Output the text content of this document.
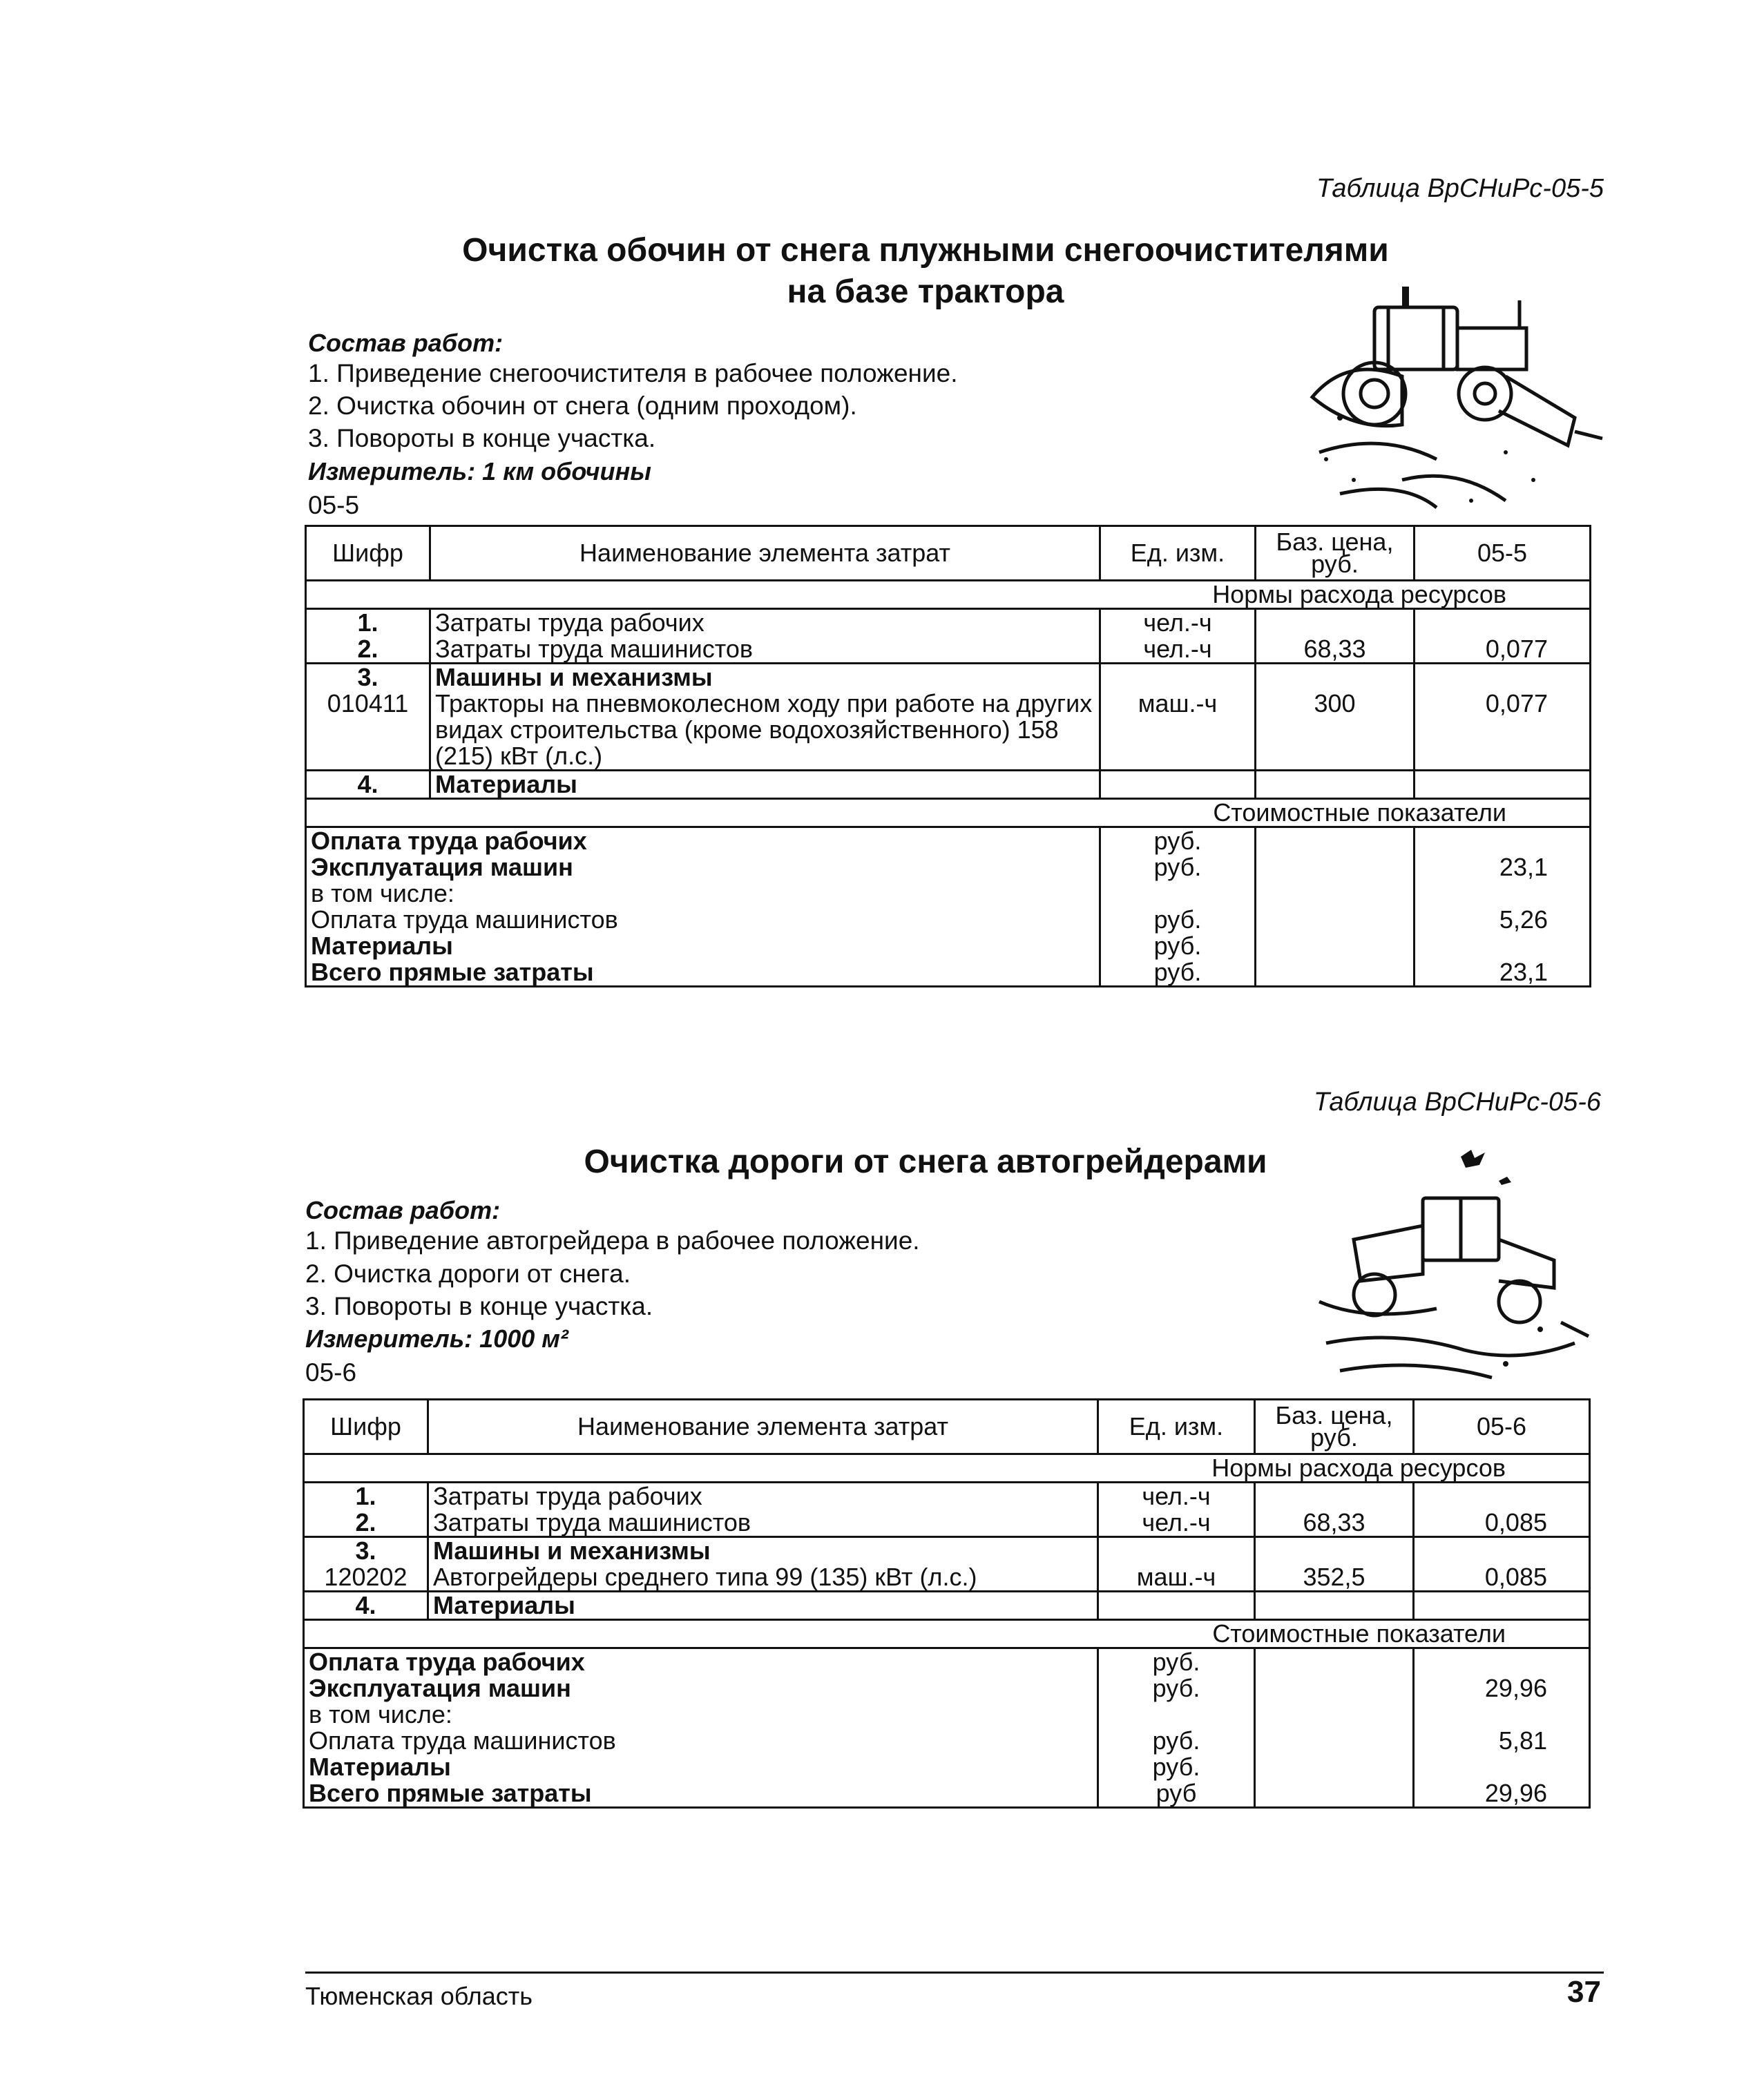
Таблица ВрСНиРс-05-5
Очистка обочин от снега плужными снегоочистителями
на базе трактора
Состав работ:
1. Приведение снегоочистителя в рабочее положение.
2. Очистка обочин от снега (одним проходом).
3. Повороты в конце участка.
Измеритель: 1 км обочины
05-5
Шифр	Наименование элемента затрат	Ед. изм.	Баз. цена, руб.	05-5
Нормы расхода ресурсов				
1.	Затраты труда рабочих	чел.-ч		
2.	Затраты труда машинистов	чел.-ч	68,33	0,077
3.	Машины и механизмы			
010411	Тракторы на пневмоколесном ходу при работе на других видах строительства (кроме водохозяйственного) 158 (215) кВт (л.с.)	маш.-ч	300	0,077
4.	Материалы			
Стоимостные показатели				
Оплата труда рабочих		руб.		
Эксплуатация машин		руб.		23,1
в том числе:				
Оплата труда машинистов		руб.		5,26
Материалы		руб.		
Всего прямые затраты		руб.		23,1
Таблица ВрСНиРс-05-6
Очистка дороги от снега автогрейдерами
Состав работ:
1. Приведение автогрейдера в рабочее положение.
2. Очистка дороги от снега.
3. Повороты в конце участка.
Измеритель: 1000 м²
05-6
Шифр	Наименование элемента затрат	Ед. изм.	Баз. цена, руб.	05-6
Нормы расхода ресурсов				
1.	Затраты труда рабочих	чел.-ч		
2.	Затраты труда машинистов	чел.-ч	68,33	0,085
3.	Машины и механизмы			
120202	Автогрейдеры среднего типа 99 (135) кВт (л.с.)	маш.-ч	352,5	0,085
4.	Материалы			
Стоимостные показатели				
Оплата труда рабочих		руб.		
Эксплуатация машин		руб.		29,96
в том числе:				
Оплата труда машинистов		руб.		5,81
Материалы		руб.		
Всего прямые затраты		руб		29,96
Тюменская область	37
